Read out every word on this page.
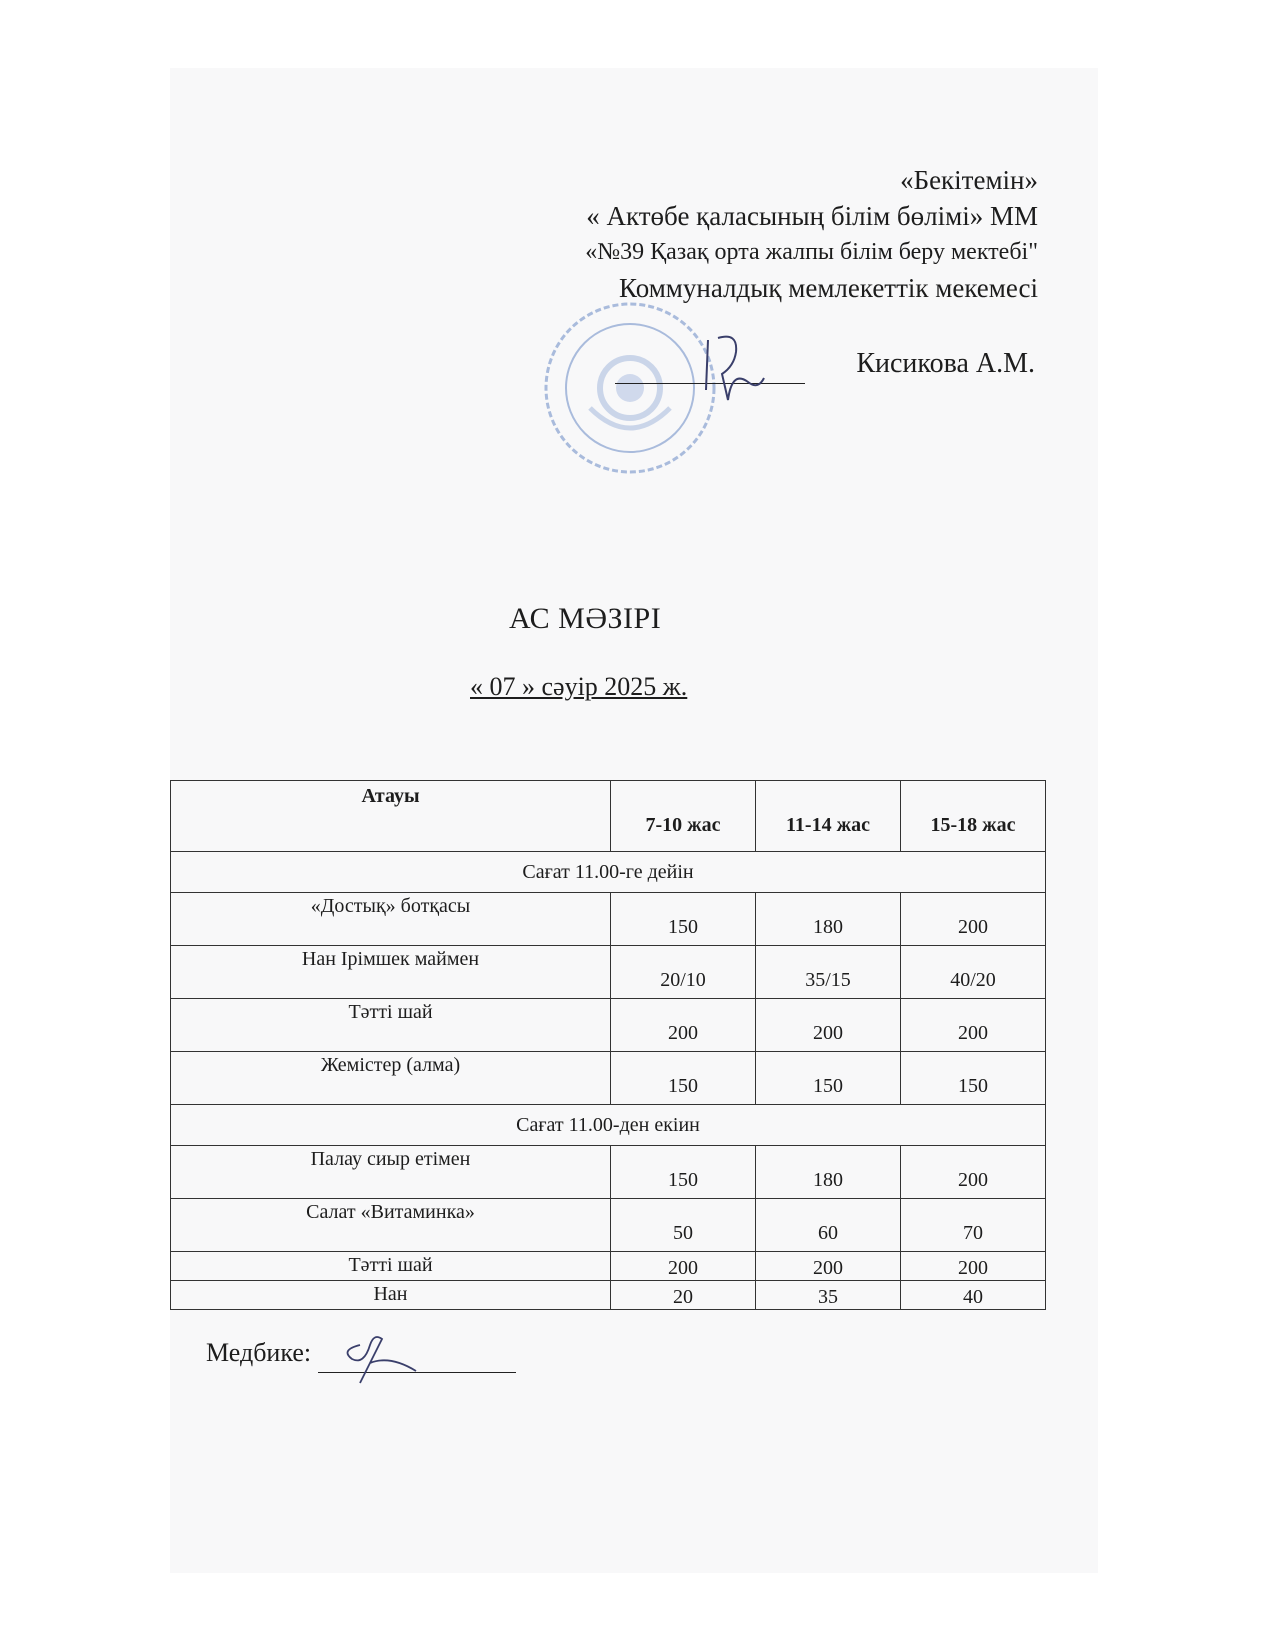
«Бекітемін»
« Актөбе қаласының білім бөлімі» ММ
«№39 Қазақ орта жалпы білім беру мектебі"
Коммуналдық мемлекеттік мекемесі
Кисикова А.М.
АС МӘЗІРІ
« 07 » сәуір 2025 ж.
Атауы	7-10 жас	11-14 жас	15-18 жас
Сағат 11.00-ге дейін			
«Достық» ботқасы	150	180	200
Нан Ірімшек маймен	20/10	35/15	40/20
Тәтті шай	200	200	200
Жемістер (алма)	150	150	150
Сағат 11.00-ден екіин			
Палау сиыр етімен	150	180	200
Салат «Витаминка»	50	60	70
Тәтті шай	200	200	200
Нан	20	35	40
Медбике:
